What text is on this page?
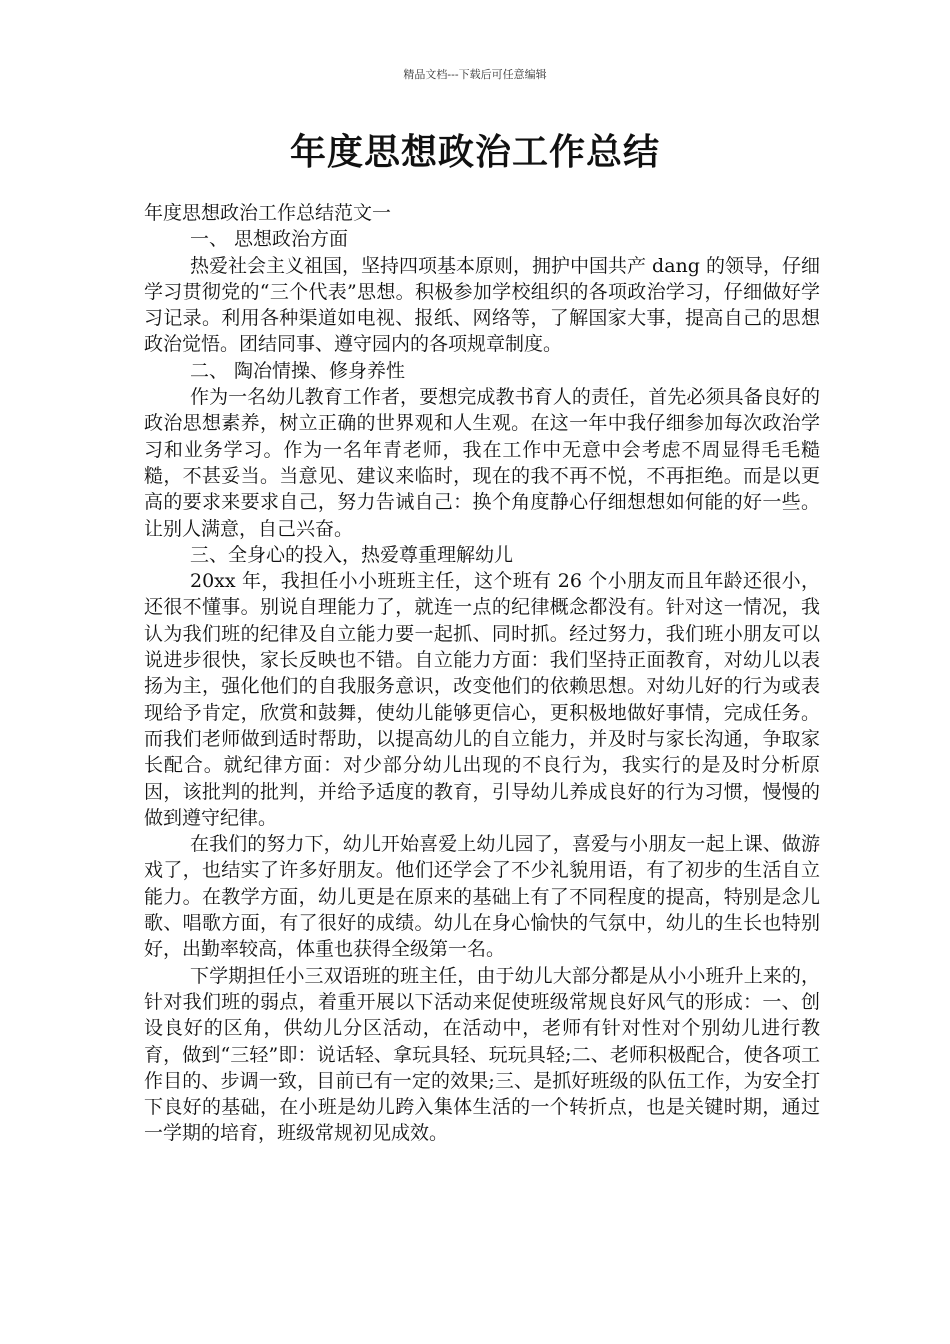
精品文档---下载后可任意编辑
年度思想政治工作总结

年度思想政治工作总结范文一

一、 思想政治方面

热爱社会主义祖国，坚持四项基本原则，拥护中国共产 dang 的领导，仔细学习贯彻党的“三个代表”思想。积极参加学校组织的各项政治学习，仔细做好学习记录。利用各种渠道如电视、报纸、网络等，了解国家大事，提高自己的思想政治觉悟。团结同事、遵守园内的各项规章制度。

二、 陶冶情操、修身养性

作为一名幼儿教育工作者，要想完成教书育人的责任，首先必须具备良好的政治思想素养，树立正确的世界观和人生观。在这一年中我仔细参加每次政治学习和业务学习。作为一名年青老师，我在工作中无意中会考虑不周显得毛毛糙糙，不甚妥当。当意见、建议来临时，现在的我不再不悦，不再拒绝。而是以更高的要求来要求自己，努力告诫自己：换个角度静心仔细想想如何能的好一些。让别人满意，自己兴奋。

三、全身心的投入，热爱尊重理解幼儿

20xx 年，我担任小小班班主任，这个班有 26 个小朋友而且年龄还很小，还很不懂事。别说自理能力了，就连一点的纪律概念都没有。针对这一情况，我认为我们班的纪律及自立能力要一起抓、同时抓。经过努力，我们班小朋友可以说进步很快，家长反映也不错。自立能力方面：我们坚持正面教育，对幼儿以表扬为主，强化他们的自我服务意识，改变他们的依赖思想。对幼儿好的行为或表现给予肯定，欣赏和鼓舞，使幼儿能够更信心，更积极地做好事情，完成任务。而我们老师做到适时帮助，以提高幼儿的自立能力，并及时与家长沟通，争取家长配合。就纪律方面：对少部分幼儿出现的不良行为，我实行的是及时分析原因，该批判的批判，并给予适度的教育，引导幼儿养成良好的行为习惯，慢慢的做到遵守纪律。

在我们的努力下，幼儿开始喜爱上幼儿园了，喜爱与小朋友一起上课、做游戏了，也结实了许多好朋友。他们还学会了不少礼貌用语，有了初步的生活自立能力。在教学方面，幼儿更是在原来的基础上有了不同程度的提高，特别是念儿歌、唱歌方面，有了很好的成绩。幼儿在身心愉快的气氛中，幼儿的生长也特别好，出勤率较高，体重也获得全级第一名。

下学期担任小三双语班的班主任，由于幼儿大部分都是从小小班升上来的，针对我们班的弱点，着重开展以下活动来促使班级常规良好风气的形成：一、创设良好的区角，供幼儿分区活动，在活动中，老师有针对性对个别幼儿进行教育，做到“三轻”即：说话轻、拿玩具轻、玩玩具轻;二、老师积极配合，使各项工作目的、步调一致，目前已有一定的效果;三、是抓好班级的队伍工作，为安全打下良好的基础，在小班是幼儿跨入集体生活的一个转折点，也是关键时期，通过一学期的培育，班级常规初见成效。
